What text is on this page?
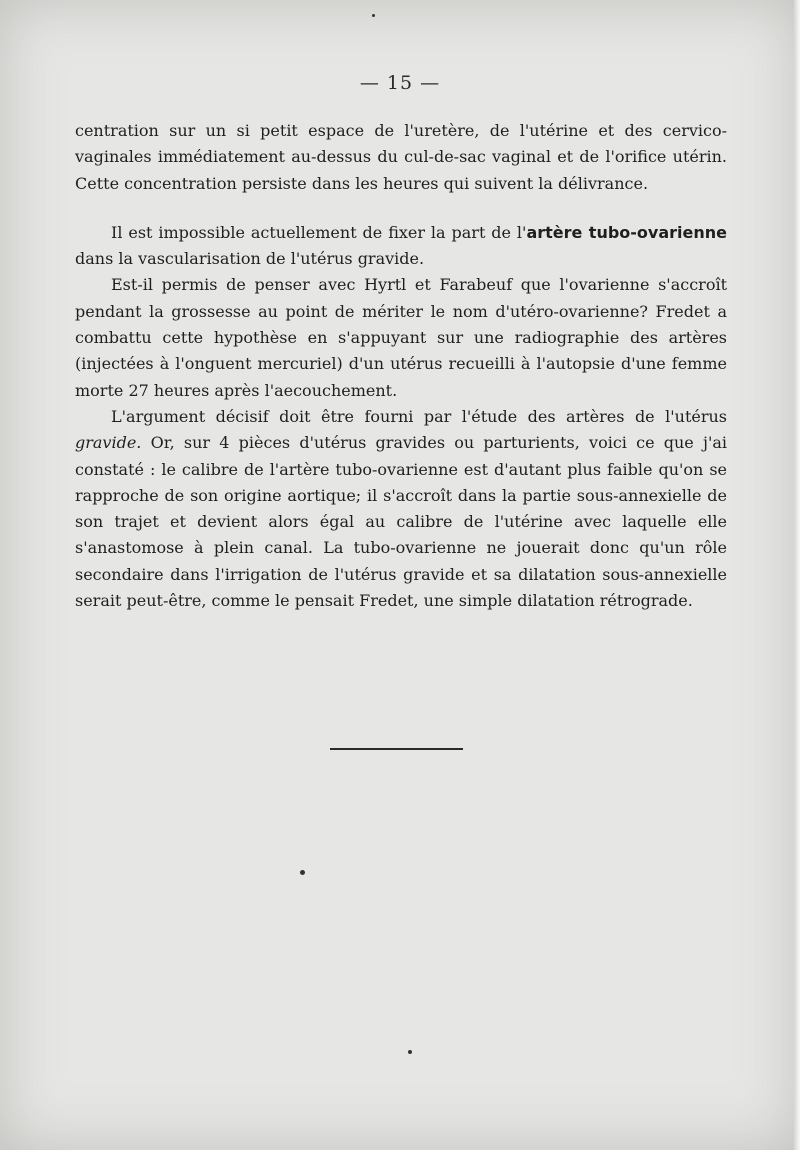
— 15 —

centration sur un si petit espace de l'uretère, de l'utérine et des cervico-vaginales immédiatement au-dessus du cul-de-sac vaginal et de l'orifice utérin. Cette concentration persiste dans les heures qui suivent la délivrance.

Il est impossible actuellement de fixer la part de l'artère tubo-ovarienne dans la vascularisation de l'utérus gravide.

Est-il permis de penser avec Hyrtl et Farabeuf que l'ovarienne s'accroît pendant la grossesse au point de mériter le nom d'utéro-ovarienne? Fredet a combattu cette hypothèse en s'appuyant sur une radiographie des artères (injectées à l'onguent mercuriel) d'un utérus recueilli à l'autopsie d'une femme morte 27 heures après l'aecouchement.

L'argument décisif doit être fourni par l'étude des artères de l'utérus gravide. Or, sur 4 pièces d'utérus gravides ou parturients, voici ce que j'ai constaté : le calibre de l'artère tubo-ovarienne est d'autant plus faible qu'on se rapproche de son origine aortique; il s'accroît dans la partie sous-annexielle de son trajet et devient alors égal au calibre de l'utérine avec laquelle elle s'anastomose à plein canal. La tubo-ovarienne ne jouerait donc qu'un rôle secondaire dans l'irrigation de l'utérus gravide et sa dilatation sous-annexielle serait peut-être, comme le pensait Fredet, une simple dilatation rétrograde.
